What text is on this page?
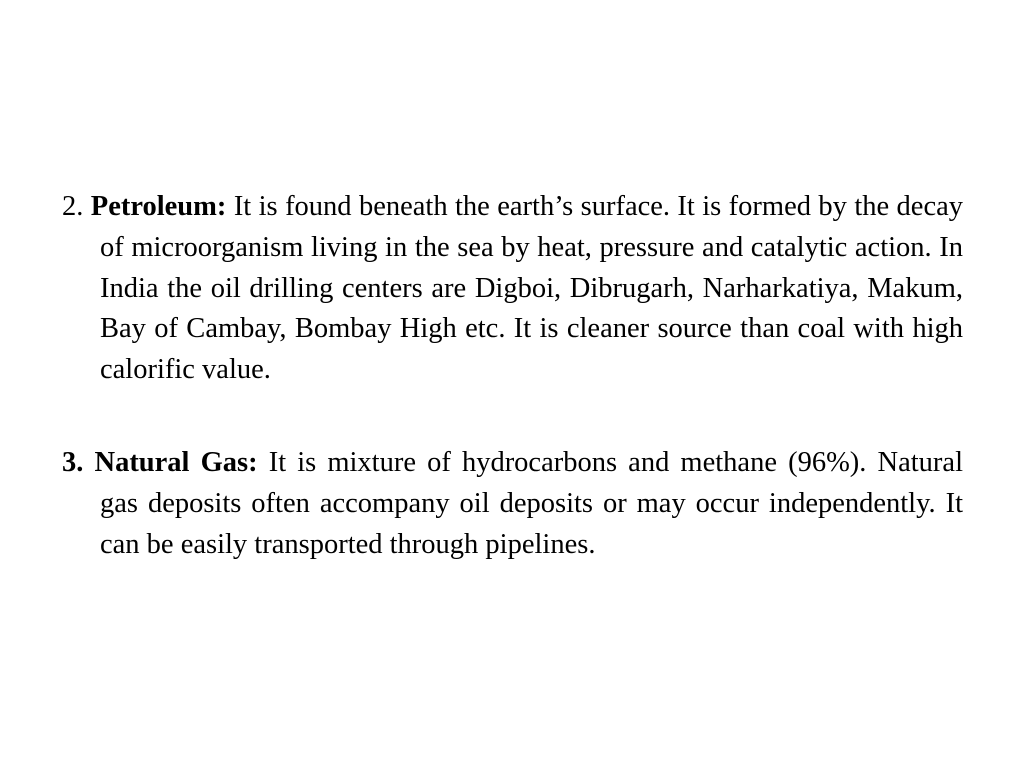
2. Petroleum: It is found beneath the earth’s surface. It is formed by the decay of microorganism living in the sea by heat, pressure and catalytic action. In India the oil drilling centers are Digboi, Dibrugarh, Narharkatiya, Makum, Bay of Cambay, Bombay High etc. It is cleaner source than coal with high calorific value.

3. Natural Gas: It is mixture of hydrocarbons and methane (96%). Natural gas deposits often accompany oil deposits or may occur independently. It can be easily transported through pipelines.
